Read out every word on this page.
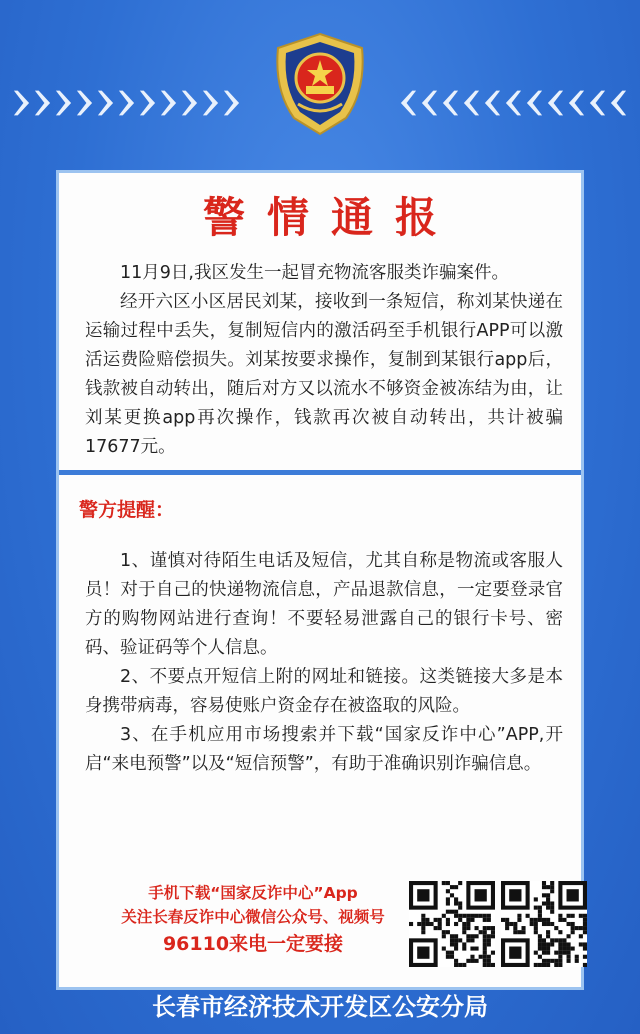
警情通报

11月9日,我区发生一起冒充物流客服类诈骗案件。

经开六区小区居民刘某，接收到一条短信，称刘某快递在运输过程中丢失，复制短信内的激活码至手机银行APP可以激活运费险赔偿损失。刘某按要求操作，复制到某银行app后，钱款被自动转出，随后对方又以流水不够资金被冻结为由，让刘某更换app再次操作，钱款再次被自动转出，共计被骗17677元。

警方提醒：

1、谨慎对待陌生电话及短信，尤其自称是物流或客服人员！对于自己的快递物流信息，产品退款信息，一定要登录官方的购物网站进行查询！不要轻易泄露自己的银行卡号、密码、验证码等个人信息。

2、不要点开短信上附的网址和链接。这类链接大多是本身携带病毒，容易使账户资金存在被盗取的风险。

3、在手机应用市场搜索并下载“国家反诈中心”APP,开启“来电预警”以及“短信预警”，有助于准确识别诈骗信息。

手机下载“国家反诈中心”App
关注长春反诈中心微信公众号、视频号
96110来电一定要接
长春市经济技术开发区公安分局
